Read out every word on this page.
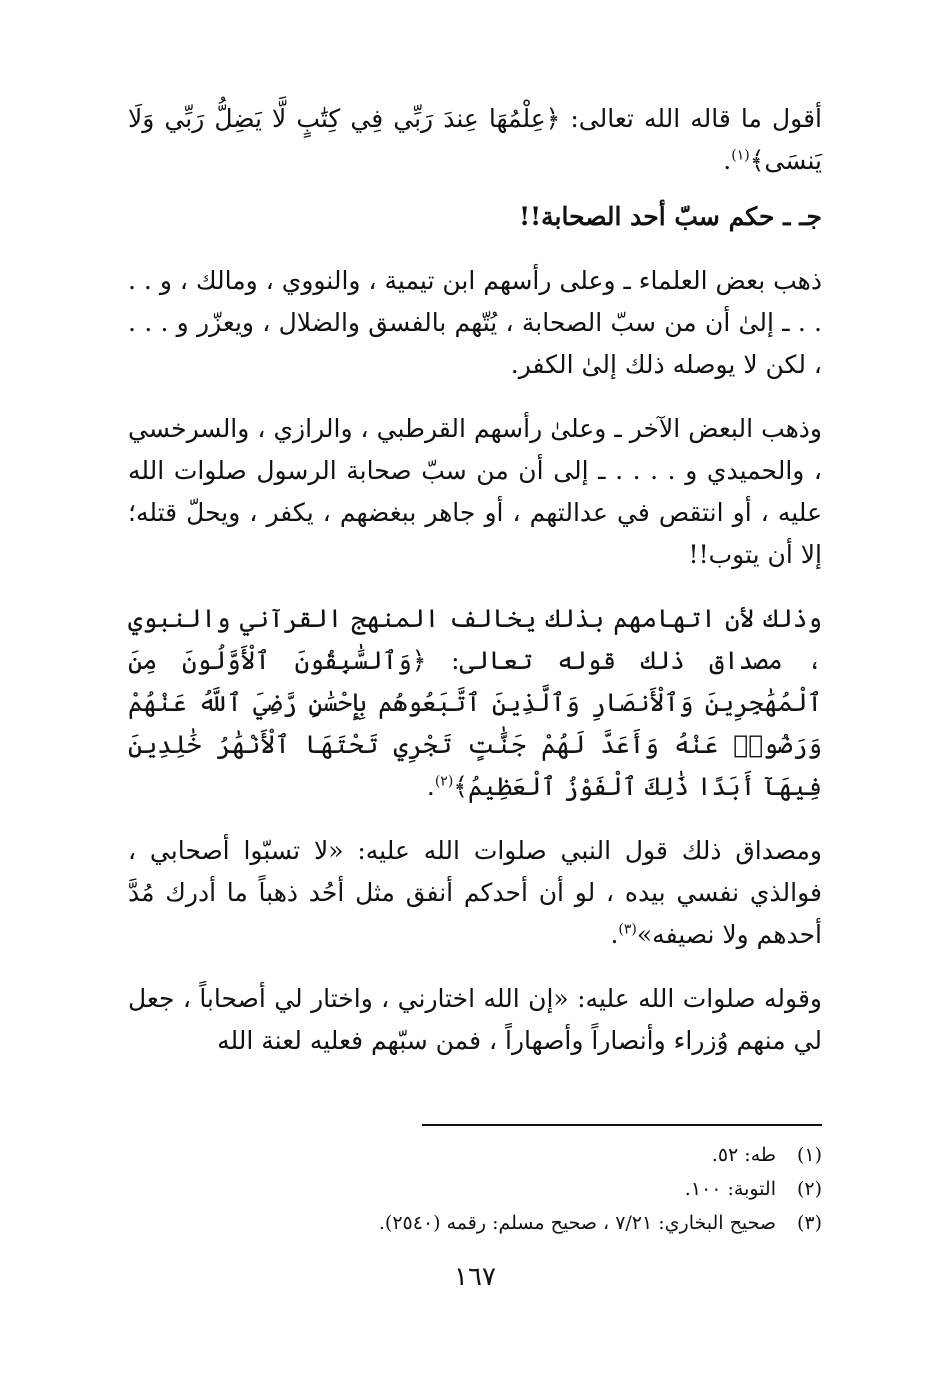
أقول ما قاله الله تعالى: ﴿عِلْمُهَا عِندَ رَبِّي فِي كِتَٰبٍ لَّا يَضِلُّ رَبِّي وَلَا يَنسَى﴾$^{(١)}$.

جـ ـ حكم سبّ أحد الصحابة!!

ذهب بعض العلماء ـ وعلى رأسهم ابن تيمية ، والنووي ، ومالك ، و . . . . ـ إلىٰ أن من سبّ الصحابة ، يُتّهم بالفسق والضلال ، ويعزّر و . . . ، لكن لا يوصله ذلك إلىٰ الكفر.

وذهب البعض الآخر ـ وعلىٰ رأسهم القرطبي ، والرازي ، والسرخسي ، والحميدي و . . . . ـ إلى أن من سبّ صحابة الرسول صلوات الله عليه ، أو انتقص في عدالتهم ، أو جاهر ببغضهم ، يكفر ، ويحلّ قتله؛ إلا أن يتوب!!

وذلك لأن اتهامهم بذلك يخالف المنهج القرآني والنبوي ، مصداق ذلك قوله تعالى: ﴿وَٱلسَّٰبِقُونَ ٱلْأَوَّلُونَ مِنَ ٱلْمُهَٰجِرِينَ وَٱلْأَنصَارِ وَٱلَّذِينَ ٱتَّبَعُوهُم بِإِحْسَٰنٍ رَّضِيَ ٱللَّهُ عَنْهُمْ وَرَضُوا۟ عَنْهُ وَأَعَدَّ لَهُمْ جَنَّٰتٍ تَجْرِي تَحْتَهَا ٱلْأَنْهَٰرُ خَٰلِدِينَ فِيهَآ أَبَدًا ذَٰلِكَ ٱلْفَوْزُ ٱلْعَظِيمُ﴾$^{(٢)}$.

ومصداق ذلك قول النبي صلوات الله عليه: «لا تسبّوا أصحابي ، فوالذي نفسي بيده ، لو أن أحدكم أنفق مثل أحُد ذهباً ما أدرك مُدَّ أحدهم ولا نصيفه»$^{(٣)}$.

وقوله صلوات الله عليه: «إن الله اختارني ، واختار لي أصحاباً ، جعل لي منهم وُزراء وأنصاراً وأصهاراً ، فمن سبّهم فعليه لعنة الله

(١)
طه: ٥٢.
(٢)
التوبة: ١٠٠.
(٣)
صحيح البخاري: ٧/٢١ ، صحيح مسلم: رقمه (٢٥٤٠).
١٦٧
